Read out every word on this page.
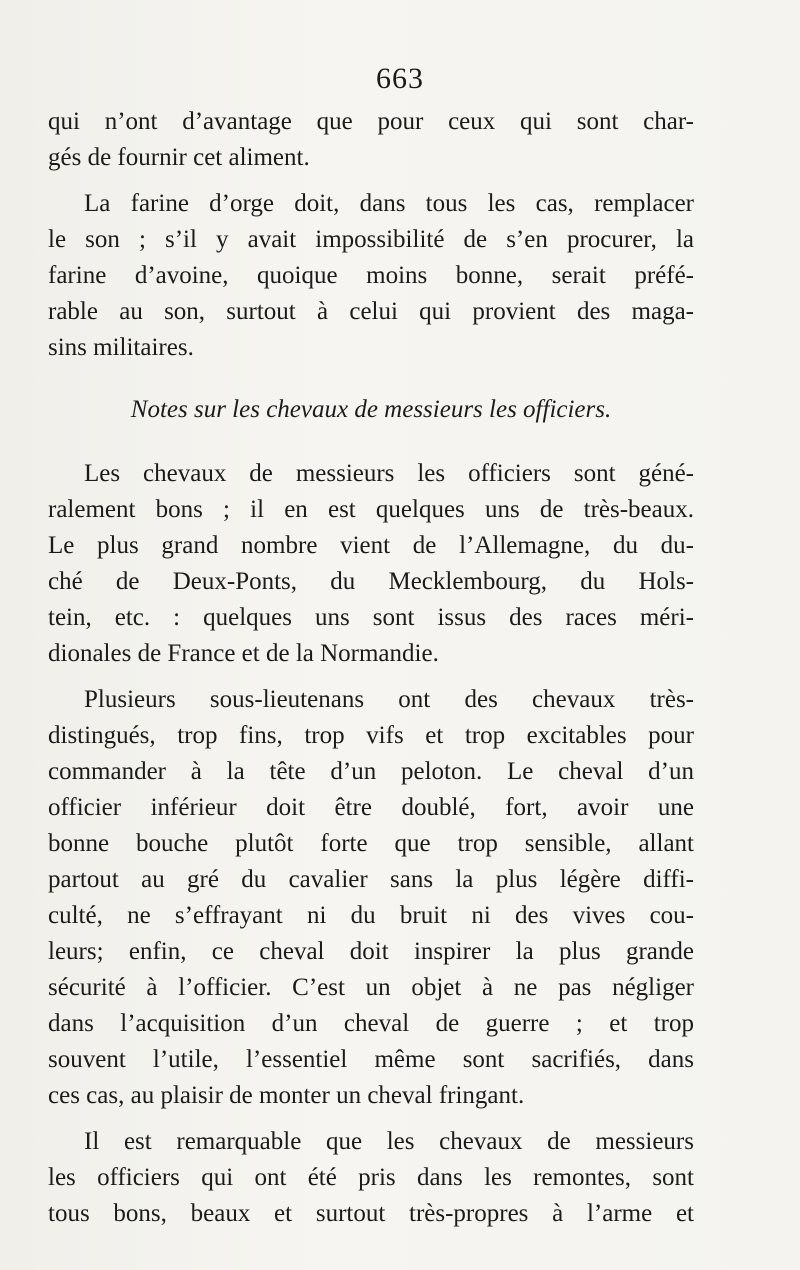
663
qui n’ont d’avantage que pour ceux qui sont char-
gés de fournir cet aliment.
La farine d’orge doit, dans tous les cas, remplacer
le son ; s’il y avait impossibilité de s’en procurer, la
farine d’avoine, quoique moins bonne, serait préfé-
rable au son, surtout à celui qui provient des maga-
sins militaires.
Notes sur les chevaux de messieurs les officiers.
Les chevaux de messieurs les officiers sont géné-
ralement bons ; il en est quelques uns de très-beaux.
Le plus grand nombre vient de l’Allemagne, du du-
ché de Deux-Ponts, du Mecklembourg, du Hols-
tein, etc. : quelques uns sont issus des races méri-
dionales de France et de la Normandie.
Plusieurs sous-lieutenans ont des chevaux très-
distingués, trop fins, trop vifs et trop excitables pour
commander à la tête d’un peloton. Le cheval d’un
officier inférieur doit être doublé, fort, avoir une
bonne bouche plutôt forte que trop sensible, allant
partout au gré du cavalier sans la plus légère diffi-
culté, ne s’effrayant ni du bruit ni des vives cou-
leurs; enfin, ce cheval doit inspirer la plus grande
sécurité à l’officier. C’est un objet à ne pas négliger
dans l’acquisition d’un cheval de guerre ; et trop
souvent l’utile, l’essentiel même sont sacrifiés, dans
ces cas, au plaisir de monter un cheval fringant.
Il est remarquable que les chevaux de messieurs
les officiers qui ont été pris dans les remontes, sont
tous bons, beaux et surtout très-propres à l’arme et
